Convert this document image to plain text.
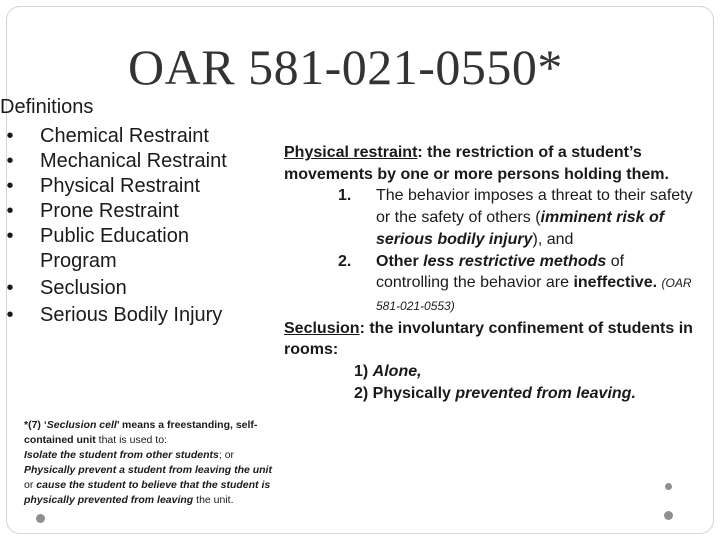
OAR 581-021-0550*
Definitions
• Chemical Restraint
• Mechanical Restraint
• Physical Restraint
• Prone Restraint
• Public Education Program
• Seclusion
• Serious Bodily Injury
*(7) ‘Seclusion cell’ means a freestanding, self-contained unit that is used to:
Isolate the student from other students; or
Physically prevent a student from leaving the unit or cause the student to believe that the student is physically prevented from leaving the unit.
Physical restraint: the restriction of a student’s movements by one or more persons holding them.
1. The behavior imposes a threat to their safety or the safety of others (imminent risk of serious bodily injury), and
2. Other less restrictive methods of controlling the behavior are ineffective. (OAR 581-021-0553)
Seclusion: the involuntary confinement of students in rooms:
1) Alone,
2) Physically prevented from leaving.
